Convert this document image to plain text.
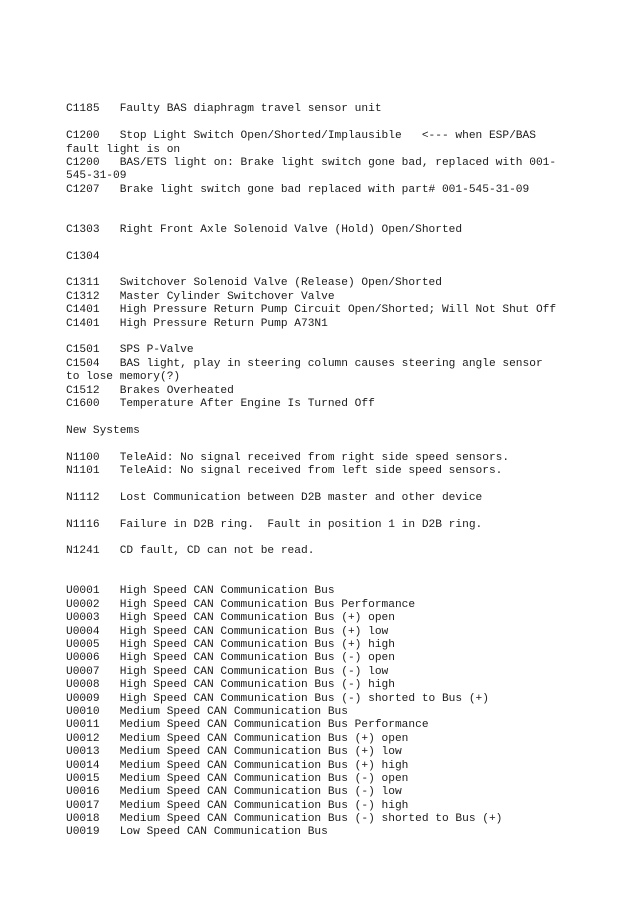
C1185   Faulty BAS diaphragm travel sensor unit
C1200   Stop Light Switch Open/Shorted/Implausible   <--- when ESP/BAS
fault light is on
C1200   BAS/ETS light on: Brake light switch gone bad, replaced with 001-
545-31-09
C1207   Brake light switch gone bad replaced with part# 001-545-31-09
C1303   Right Front Axle Solenoid Valve (Hold) Open/Shorted
C1304
C1311   Switchover Solenoid Valve (Release) Open/Shorted
C1312   Master Cylinder Switchover Valve
C1401   High Pressure Return Pump Circuit Open/Shorted; Will Not Shut Off
C1401   High Pressure Return Pump A73N1
C1501   SPS P-Valve
C1504   BAS light, play in steering column causes steering angle sensor
to lose memory(?)
C1512   Brakes Overheated
C1600   Temperature After Engine Is Turned Off
New Systems
N1100   TeleAid: No signal received from right side speed sensors.
N1101   TeleAid: No signal received from left side speed sensors.
N1112   Lost Communication between D2B master and other device
N1116   Failure in D2B ring.  Fault in position 1 in D2B ring.
N1241   CD fault, CD can not be read.
U0001   High Speed CAN Communication Bus
U0002   High Speed CAN Communication Bus Performance
U0003   High Speed CAN Communication Bus (+) open
U0004   High Speed CAN Communication Bus (+) low
U0005   High Speed CAN Communication Bus (+) high
U0006   High Speed CAN Communication Bus (-) open
U0007   High Speed CAN Communication Bus (-) low
U0008   High Speed CAN Communication Bus (-) high
U0009   High Speed CAN Communication Bus (-) shorted to Bus (+)
U0010   Medium Speed CAN Communication Bus
U0011   Medium Speed CAN Communication Bus Performance
U0012   Medium Speed CAN Communication Bus (+) open
U0013   Medium Speed CAN Communication Bus (+) low
U0014   Medium Speed CAN Communication Bus (+) high
U0015   Medium Speed CAN Communication Bus (-) open
U0016   Medium Speed CAN Communication Bus (-) low
U0017   Medium Speed CAN Communication Bus (-) high
U0018   Medium Speed CAN Communication Bus (-) shorted to Bus (+)
U0019   Low Speed CAN Communication Bus
